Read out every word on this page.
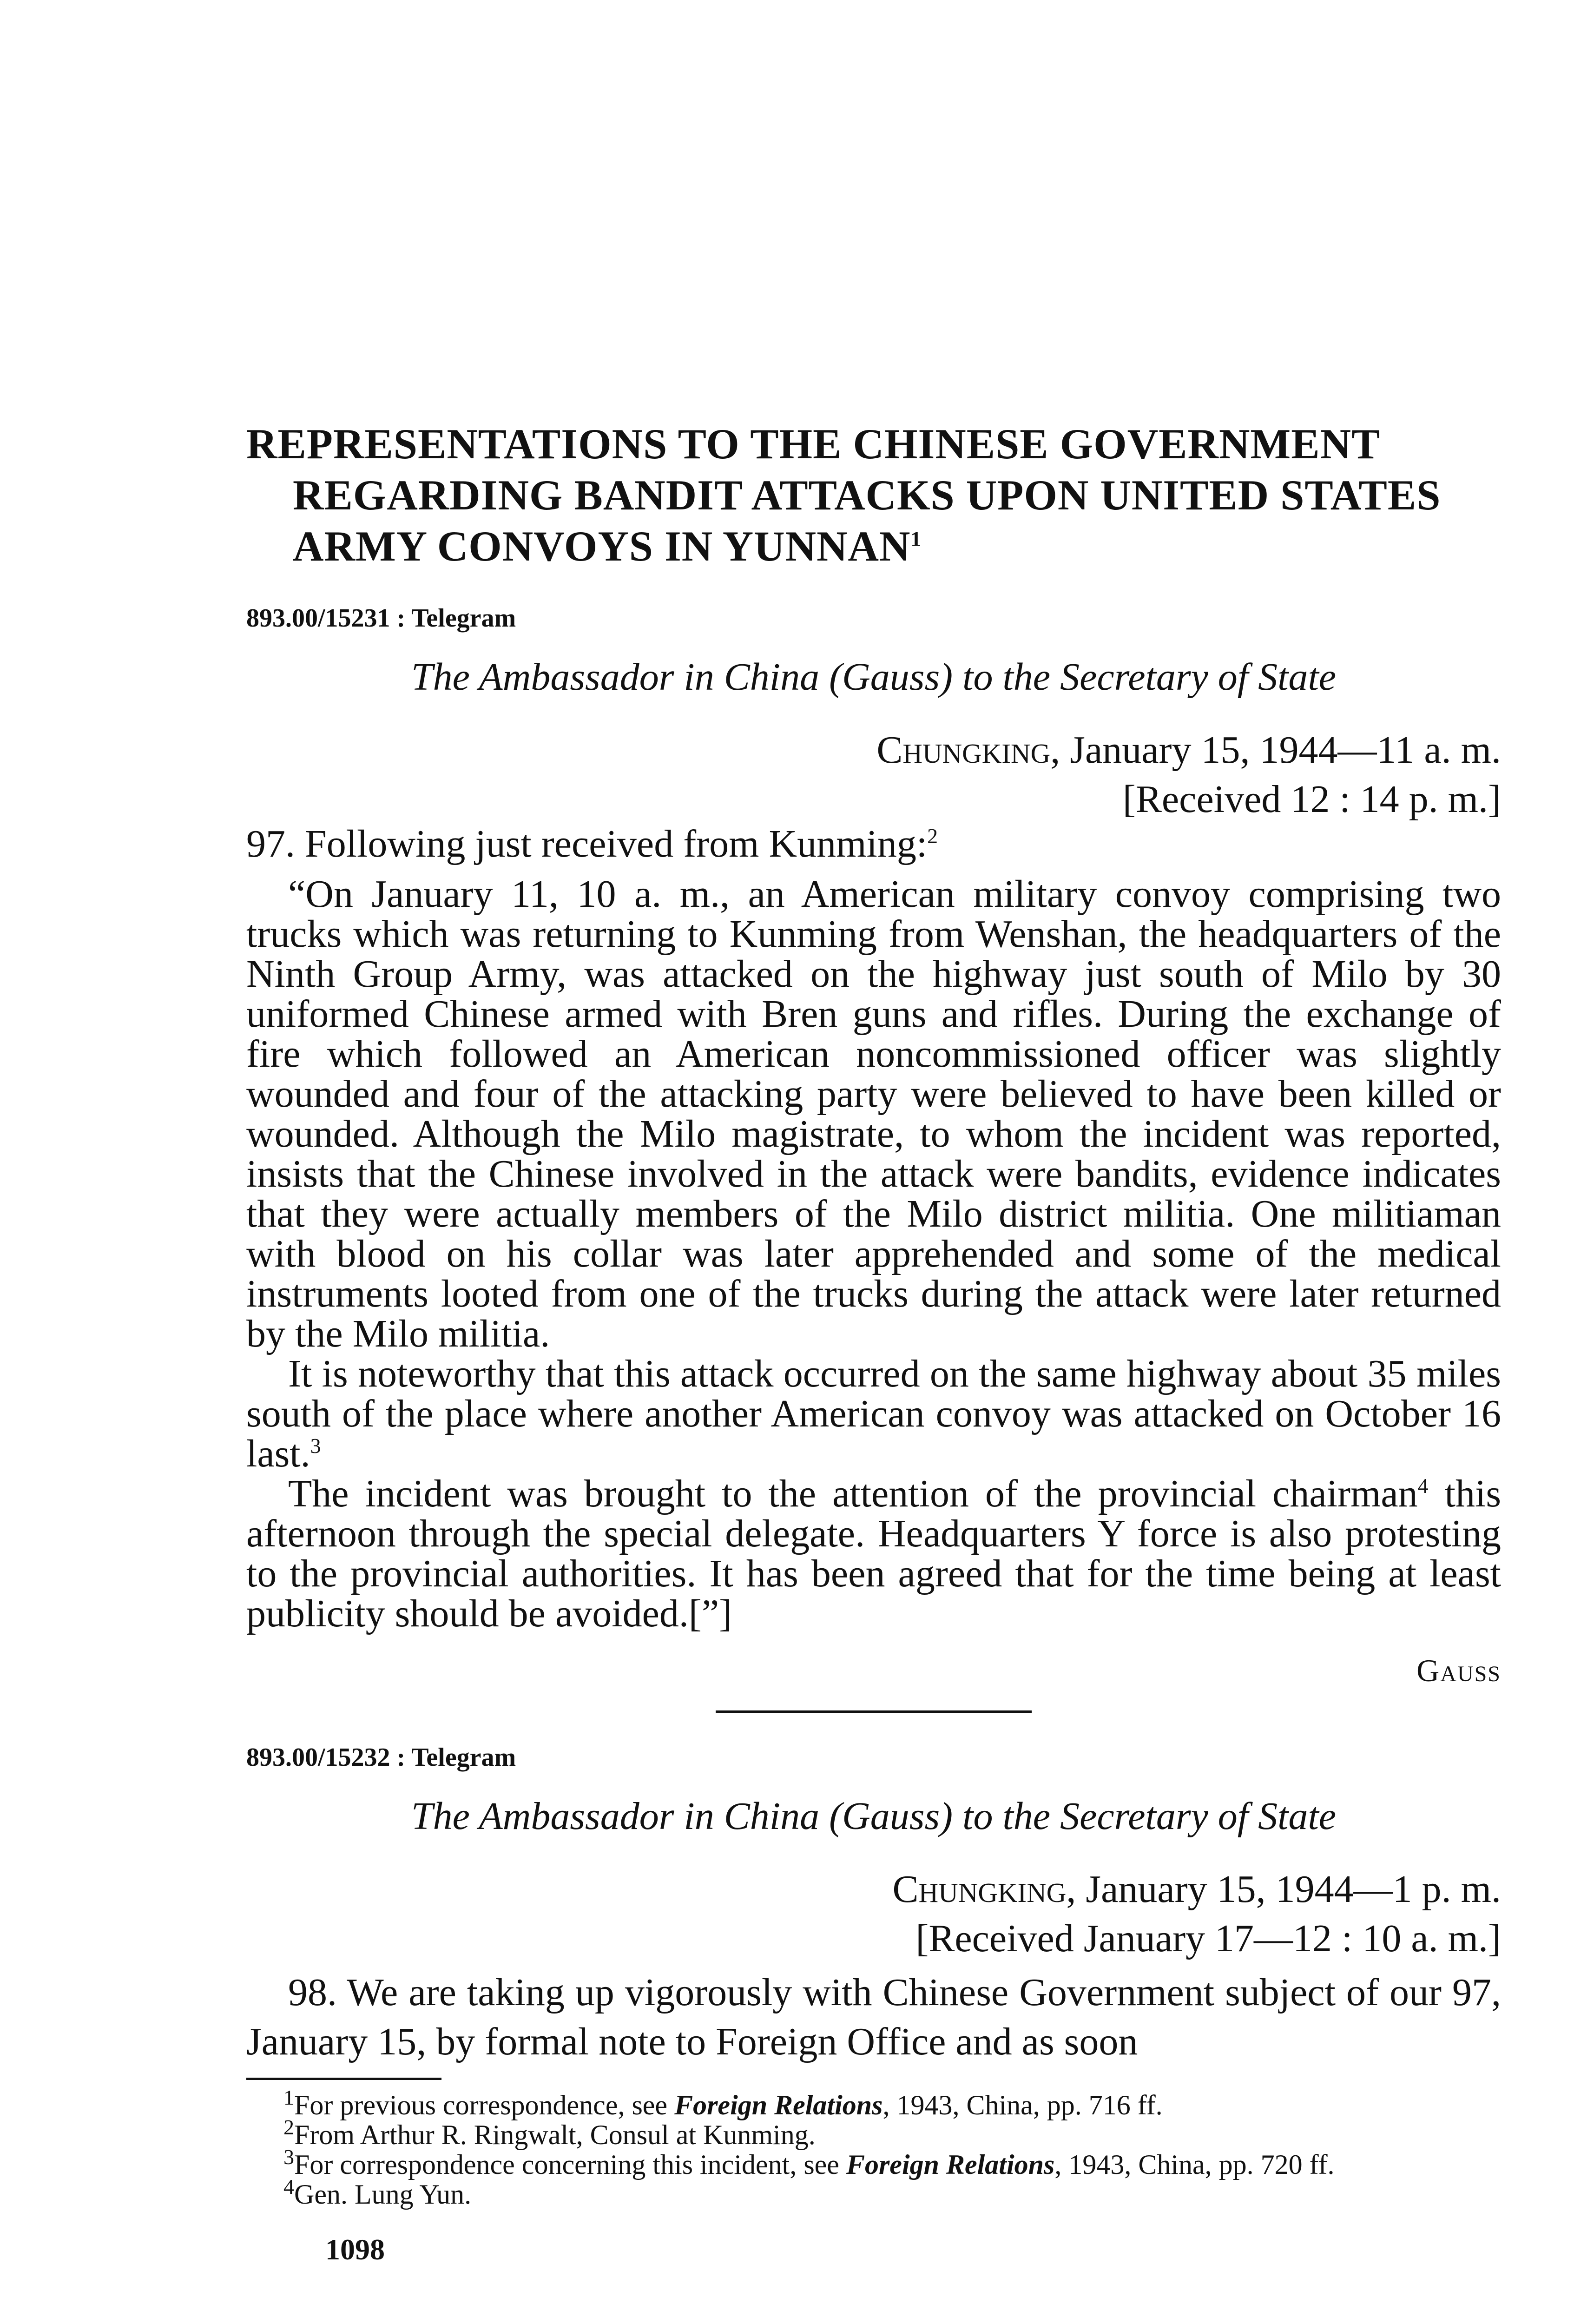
REPRESENTATIONS TO THE CHINESE GOVERNMENT REGARDING BANDIT ATTACKS UPON UNITED STATES ARMY CONVOYS IN YUNNAN$^1$
893.00/15231 : Telegram
The Ambassador in China (Gauss) to the Secretary of State
Chungking, January 15, 1944—11 a. m.
[Received 12 : 14 p. m.]

97. Following just received from Kunming:$^2$

“On January 11, 10 a. m., an American military convoy comprising two trucks which was returning to Kunming from Wenshan, the headquarters of the Ninth Group Army, was attacked on the highway just south of Milo by 30 uniformed Chinese armed with Bren guns and rifles. During the exchange of fire which followed an American noncommissioned officer was slightly wounded and four of the attacking party were believed to have been killed or wounded. Although the Milo magistrate, to whom the incident was reported, insists that the Chinese involved in the attack were bandits, evidence indicates that they were actually members of the Milo district militia. One militiaman with blood on his collar was later apprehended and some of the medical instruments looted from one of the trucks during the attack were later returned by the Milo militia.

It is noteworthy that this attack occurred on the same highway about 35 miles south of the place where another American convoy was attacked on October 16 last.$^3$

The incident was brought to the attention of the provincial chairman$^4$ this afternoon through the special delegate. Headquarters Y force is also protesting to the provincial authorities. It has been agreed that for the time being at least publicity should be avoided.[”]

Gauss
893.00/15232 : Telegram
The Ambassador in China (Gauss) to the Secretary of State
Chungking, January 15, 1944—1 p. m.
[Received January 17—12 : 10 a. m.]

98. We are taking up vigorously with Chinese Government subject of our 97, January 15, by formal note to Foreign Office and as soon

$^1$For previous correspondence, see Foreign Relations, 1943, China, pp. 716 ff.

$^2$From Arthur R. Ringwalt, Consul at Kunming.

$^3$For correspondence concerning this incident, see Foreign Relations, 1943, China, pp. 720 ff.

$^4$Gen. Lung Yun.

1098
